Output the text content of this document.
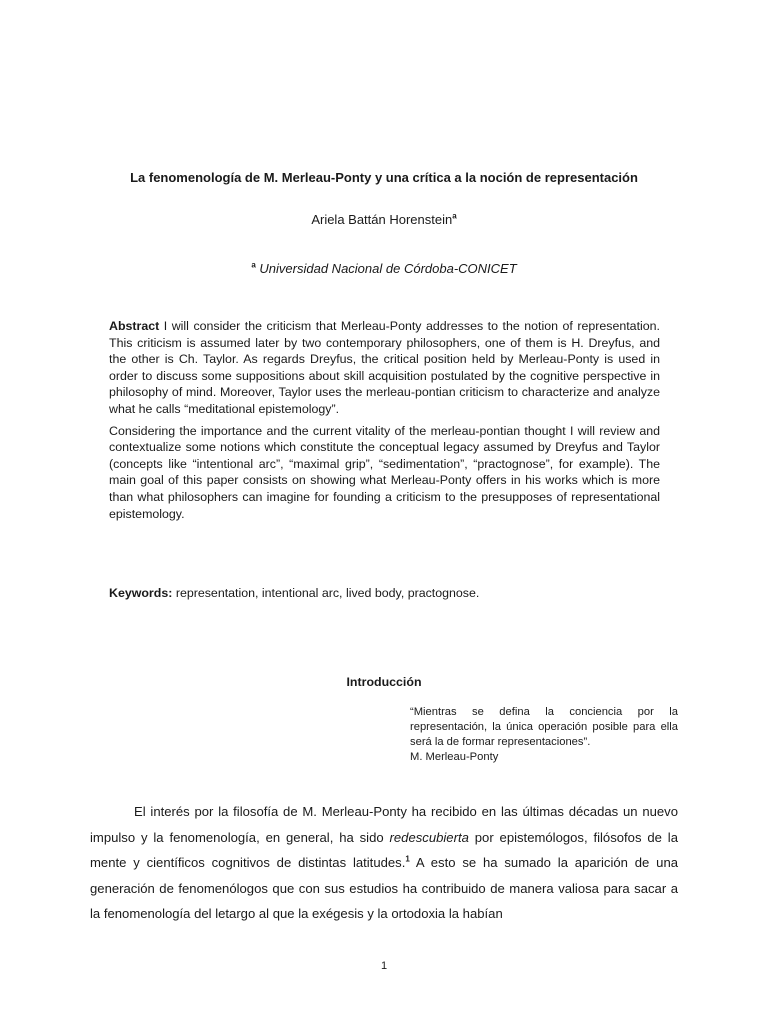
La fenomenología de M. Merleau-Ponty y una crítica a la noción de representación
Ariela Battán Horenstein$^a$
$^a$ Universidad Nacional de Córdoba-CONICET

Abstract I will consider the criticism that Merleau-Ponty addresses to the notion of representation. This criticism is assumed later by two contemporary philosophers, one of them is H. Dreyfus, and the other is Ch. Taylor. As regards Dreyfus, the critical position held by Merleau-Ponty is used in order to discuss some suppositions about skill acquisition postulated by the cognitive perspective in philosophy of mind. Moreover, Taylor uses the merleau-pontian criticism to characterize and analyze what he calls “meditational epistemology”.

Considering the importance and the current vitality of the merleau-pontian thought I will review and contextualize some notions which constitute the conceptual legacy assumed by Dreyfus and Taylor (concepts like “intentional arc”, “maximal grip”, “sedimentation”, “practognose”, for example). The main goal of this paper consists on showing what Merleau-Ponty offers in his works which is more than what philosophers can imagine for founding a criticism to the presupposes of representational epistemology.

Keywords: representation, intentional arc, lived body, practognose.
Introducción
“Mientras se defina la conciencia por la representación, la única operación posible para ella será la de formar representaciones”.
M. Merleau-Ponty

El interés por la filosofía de M. Merleau-Ponty ha recibido en las últimas décadas un nuevo impulso y la fenomenología, en general, ha sido redescubierta por epistemólogos, filósofos de la mente y científicos cognitivos de distintas latitudes.$^1$ A esto se ha sumado la aparición de una generación de fenomenólogos que con sus estudios ha contribuido de manera valiosa para sacar a la fenomenología del letargo al que la exégesis y la ortodoxia la habían

1
